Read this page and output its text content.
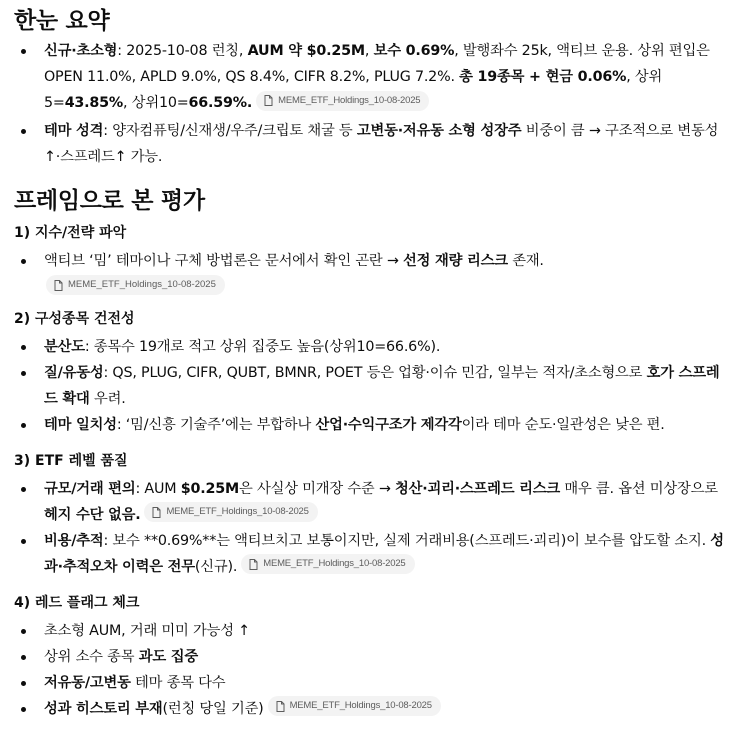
한눈 요약
신규·초소형: 2025-10-08 런칭, AUM 약 $0.25M, 보수 0.69%, 발행좌수 25k, 액티브 운용. 상위 편입은 OPEN 11.0%, APLD 9.0%, QS 8.4%, CIFR 8.2%, PLUG 7.2%. 총 19종목 + 현금 0.06%, 상위5=43.85%, 상위10=66.59%.	MEME_ETF_Holdings_10-08-2025
테마 성격: 양자컴퓨팅/신재생/우주/크립토 채굴 등 고변동·저유동 소형 성장주 비중이 큼 → 구조적으로 변동성↑·스프레드↑ 가능.
프레임으로 본 평가
1) 지수/전략 파악
액티브 ‘밈’ 테마이나 구체 방법론은 문서에서 확인 곤란 → 선정 재량 리스크 존재.
MEME_ETF_Holdings_10-08-2025
2) 구성종목 건전성
분산도: 종목수 19개로 적고 상위 집중도 높음(상위10=66.6%).
질/유동성: QS, PLUG, CIFR, QUBT, BMNR, POET 등은 업황·이슈 민감, 일부는 적자/초소형으로 호가 스프레드 확대 우려.
테마 일치성: ‘밈/신흥 기술주’에는 부합하나 산업·수익구조가 제각각이라 테마 순도·일관성은 낮은 편.
3) ETF 레벨 품질
규모/거래 편의: AUM $0.25M은 사실상 미개장 수준 → 청산·괴리·스프레드 리스크 매우 큼. 옵션 미상장으로 헤지 수단 없음.	MEME_ETF_Holdings_10-08-2025
비용/추적: 보수 **0.69%**는 액티브치고 보통이지만, 실제 거래비용(스프레드·괴리)이 보수를 압도할 소지. 성과·추적오차 이력은 전무(신규).	MEME_ETF_Holdings_10-08-2025
4) 레드 플래그 체크
초소형 AUM, 거래 미미 가능성 ↑
상위 소수 종목 과도 집중
저유동/고변동 테마 종목 다수
성과 히스토리 부재(런칭 당일 기준)	MEME_ETF_Holdings_10-08-2025
